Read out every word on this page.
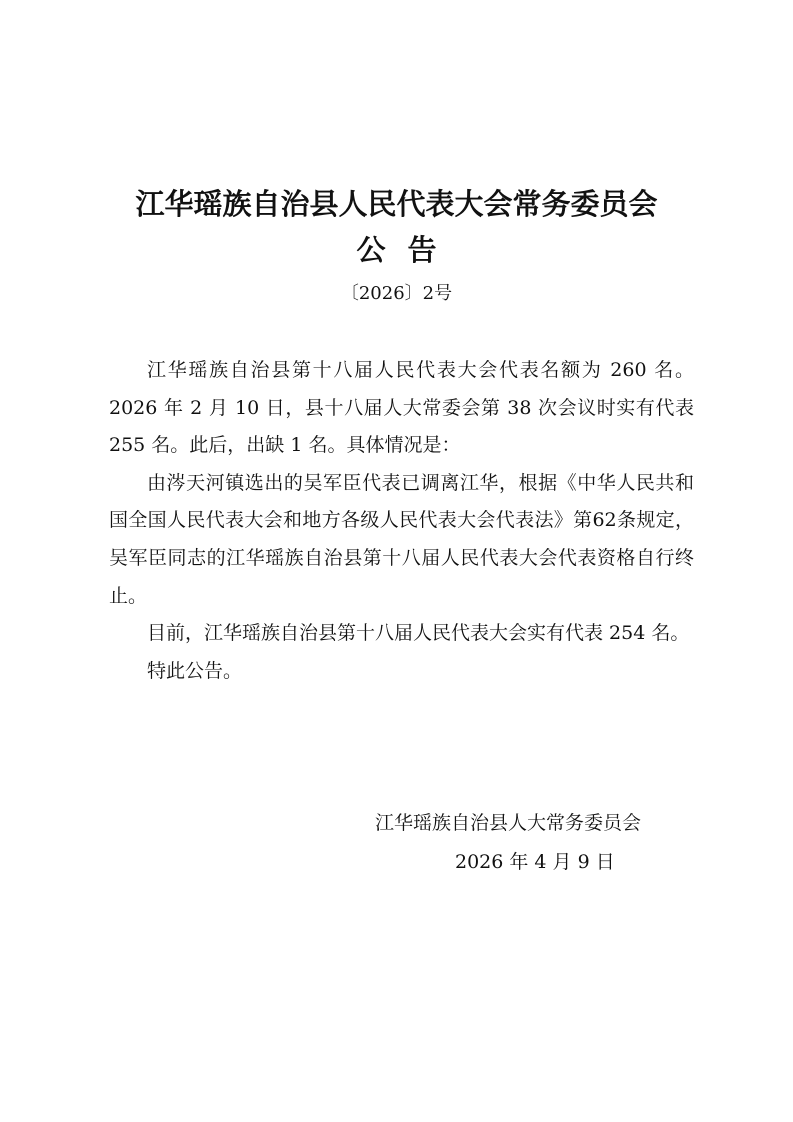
江华瑶族自治县人民代表大会常务委员会
公告
〔2026〕2号

江华瑶族自治县第十八届人民代表大会代表名额为 260 名。2026 年 2 月 10 日，县十八届人大常委会第 38 次会议时实有代表 255 名。此后，出缺 1 名。具体情况是：

由涔天河镇选出的吴军臣代表已调离江华，根据《中华人民共和国全国人民代表大会和地方各级人民代表大会代表法》第62条规定，吴军臣同志的江华瑶族自治县第十八届人民代表大会代表资格自行终止。

目前，江华瑶族自治县第十八届人民代表大会实有代表 254 名。

特此公告。

江华瑶族自治县人大常务委员会
2026 年 4 月 9 日
